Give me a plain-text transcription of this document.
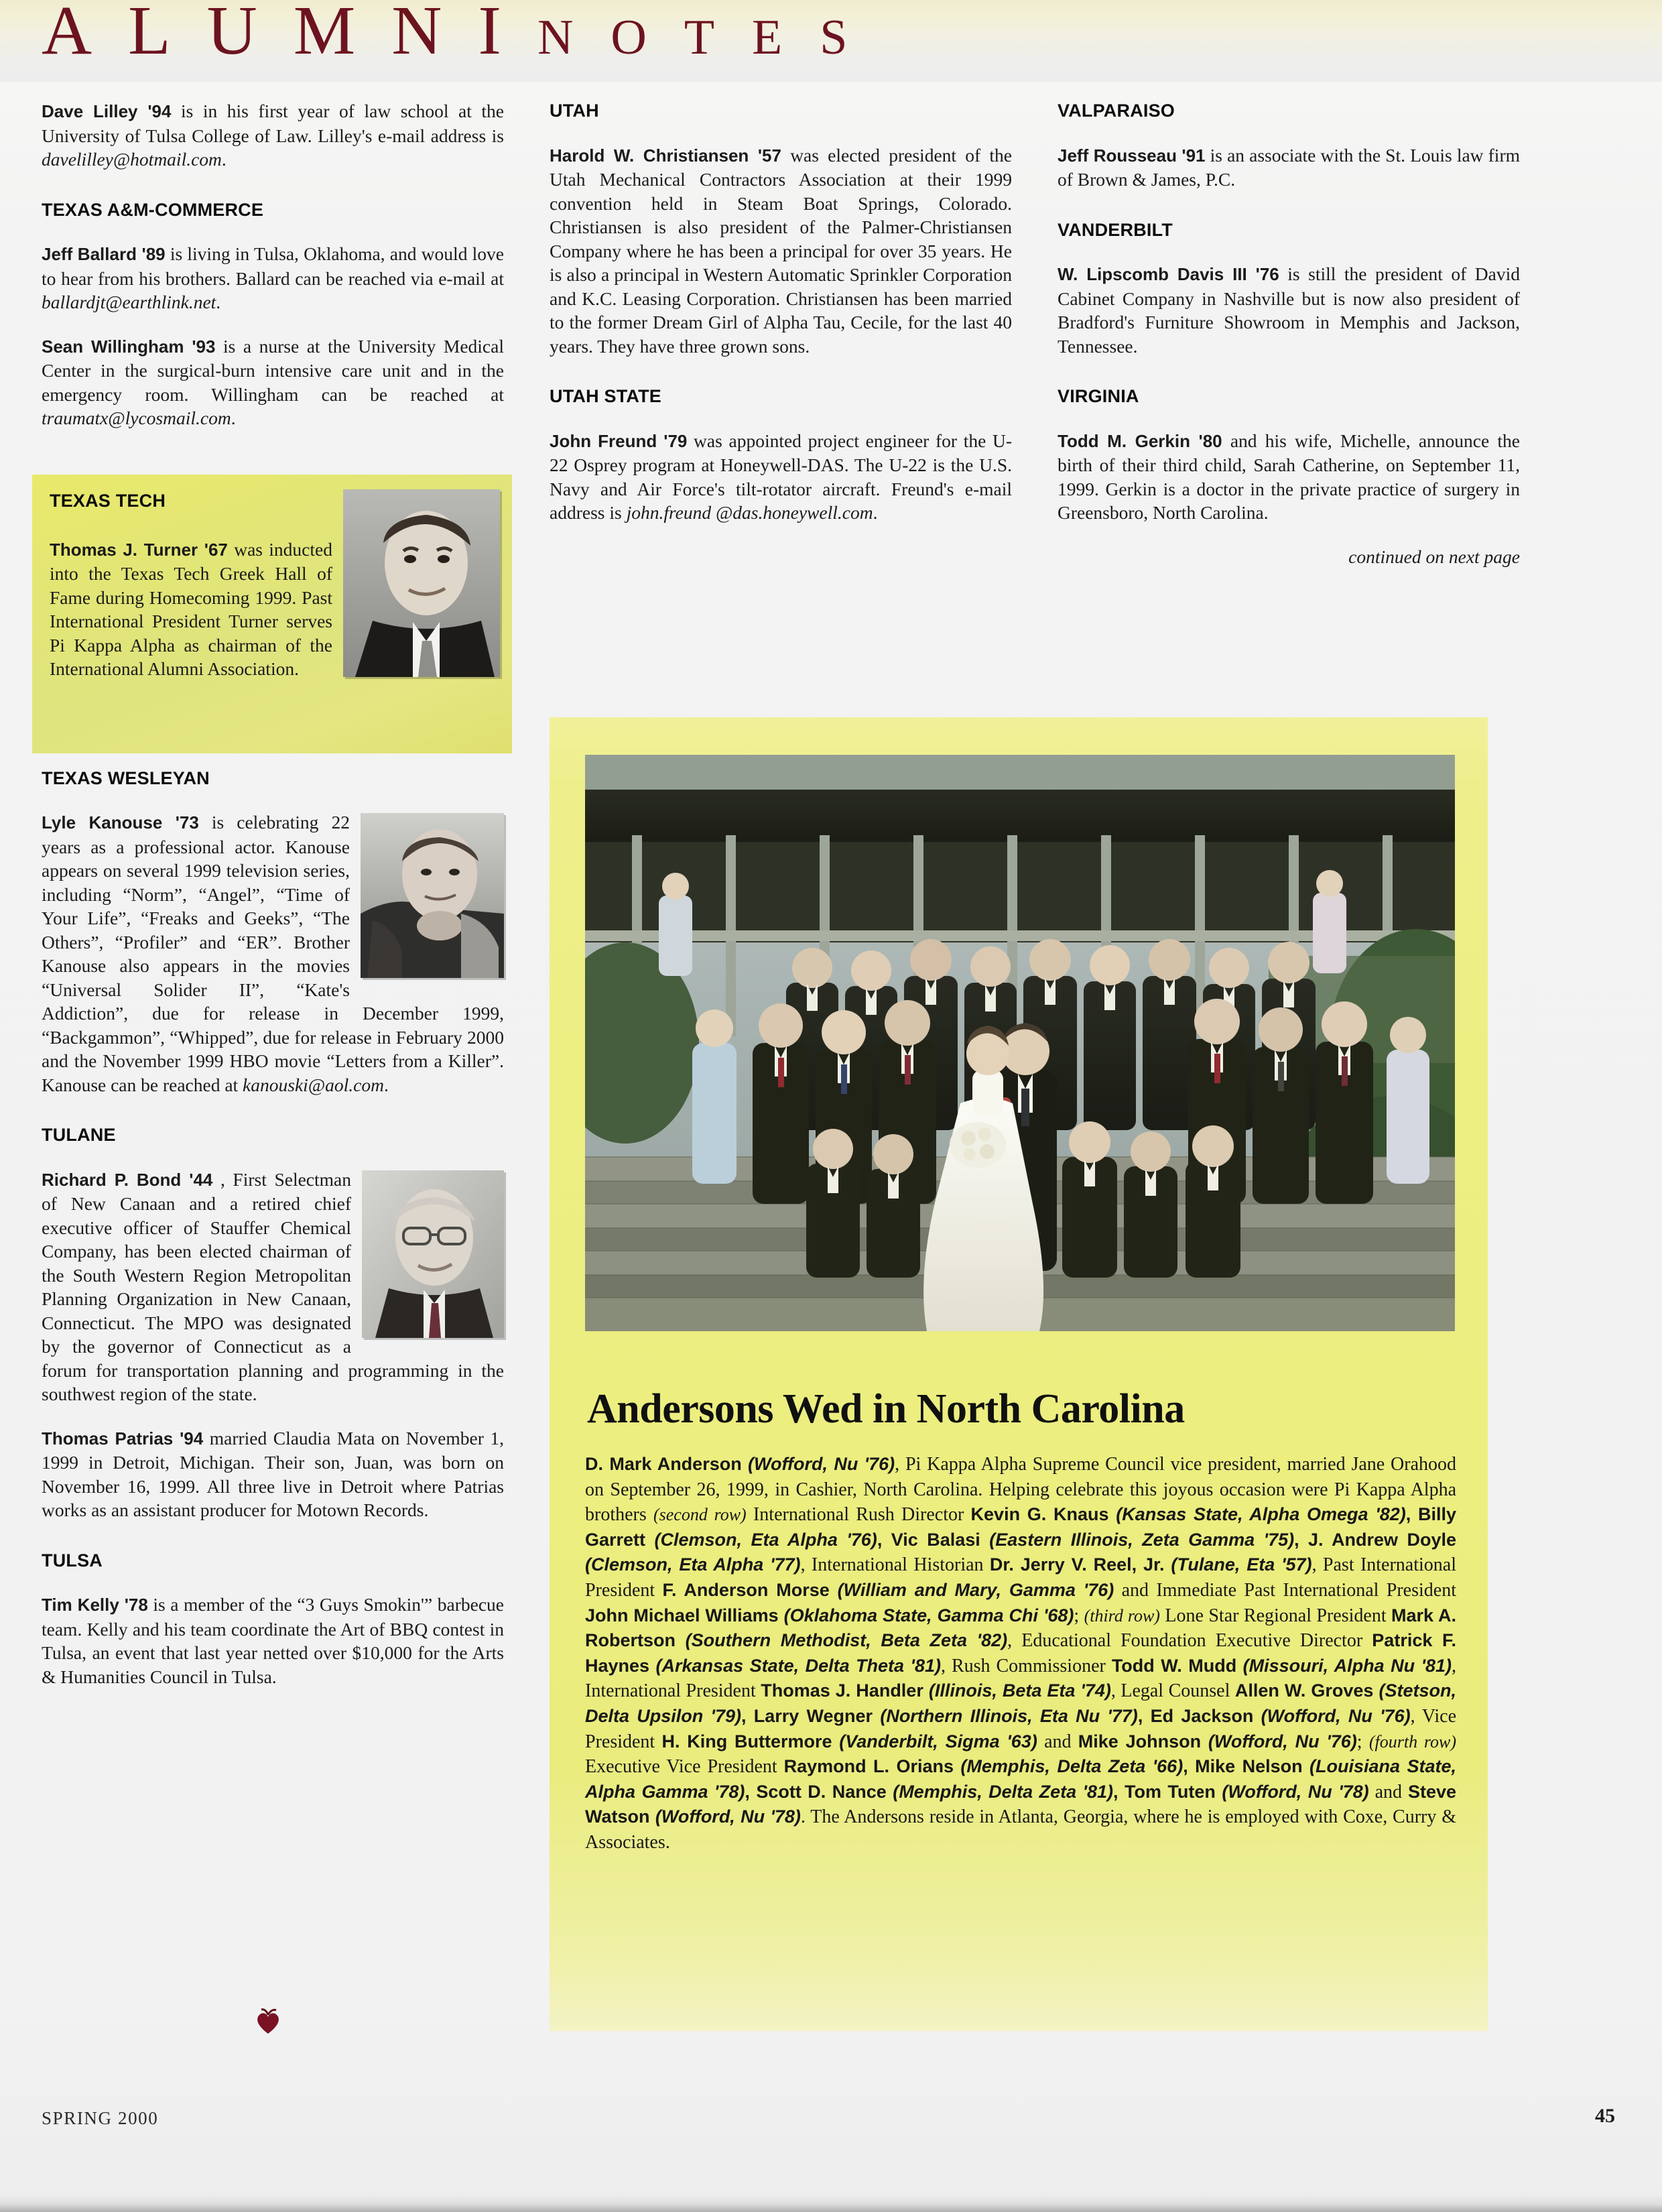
ALUMNI NOTES

Dave Lilley '94 is in his first year of law school at the University of Tulsa College of Law. Lilley's e-mail address is davelilley@hotmail.com.

TEXAS A&M-COMMERCE

Jeff Ballard '89 is living in Tulsa, Oklahoma, and would love to hear from his brothers. Ballard can be reached via e-mail at ballardjt@earthlink.net.

Sean Willingham '93 is a nurse at the University Medical Center in the surgical-burn intensive care unit and in the emergency room. Willingham can be reached at traumatx@lycosmail.com.

TEXAS WESLEYAN

Lyle Kanouse '73 is celebrating 22 years as a professional actor. Kanouse appears on several 1999 television series, including “Norm”, “Angel”, “Time of Your Life”, “Freaks and Geeks”, “The Others”, “Profiler” and “ER”. Brother Kanouse also appears in the movies “Universal Solider II”, “Kate's Addiction”, due for release in December 1999, “Backgammon”, “Whipped”, due for release in February 2000 and the November 1999 HBO movie “Letters from a Killer”. Kanouse can be reached at kanouski@aol.com.

TULANE

Richard P. Bond '44 , First Selectman of New Canaan and a retired chief executive officer of Stauffer Chemical Company, has been elected chairman of the South Western Region Metropolitan Planning Organization in New Canaan, Connecticut. The MPO was designated by the governor of Connecticut as a forum for transportation planning and programming in the southwest region of the state.

Thomas Patrias '94 married Claudia Mata on November 1, 1999 in Detroit, Michigan. Their son, Juan, was born on November 16, 1999. All three live in Detroit where Patrias works as an assistant producer for Motown Records.

TULSA

Tim Kelly '78 is a member of the “3 Guys Smokin'” barbecue team. Kelly and his team coordinate the Art of BBQ contest in Tulsa, an event that last year netted over $10,000 for the Arts & Humanities Council in Tulsa.

TEXAS TECH

Thomas J. Turner '67 was inducted into the Texas Tech Greek Hall of Fame during Homecoming 1999. Past International President Turner serves Pi Kappa Alpha as chairman of the International Alumni Association.

UTAH

Harold W. Christiansen '57 was elected president of the Utah Mechanical Contractors Association at their 1999 convention held in Steam Boat Springs, Colorado. Christiansen is also president of the Palmer-Christiansen Company where he has been a principal for over 35 years. He is also a principal in Western Automatic Sprinkler Corporation and K.C. Leasing Corporation. Christiansen has been married to the former Dream Girl of Alpha Tau, Cecile, for the last 40 years. They have three grown sons.

UTAH STATE

John Freund '79 was appointed project engineer for the U-22 Osprey program at Honeywell-DAS. The U-22 is the U.S. Navy and Air Force's tilt-rotator aircraft. Freund's e-mail address is john.freund @das.honeywell.com.

VALPARAISO

Jeff Rousseau '91 is an associate with the St. Louis law firm of Brown & James, P.C.

VANDERBILT

W. Lipscomb Davis III '76 is still the president of David Cabinet Company in Nashville but is now also president of Bradford's Furniture Showroom in Memphis and Jackson, Tennessee.

VIRGINIA

Todd M. Gerkin '80 and his wife, Michelle, announce the birth of their third child, Sarah Catherine, on September 11, 1999. Gerkin is a doctor in the private practice of surgery in Greensboro, North Carolina.

continued on next page
Andersons Wed in North Carolina
D. Mark Anderson (Wofford, Nu '76), Pi Kappa Alpha Supreme Council vice president, married Jane Orahood on September 26, 1999, in Cashier, North Carolina. Helping celebrate this joyous occasion were Pi Kappa Alpha brothers (second row) International Rush Director Kevin G. Knaus (Kansas State, Alpha Omega '82), Billy Garrett (Clemson, Eta Alpha '76), Vic Balasi (Eastern Illinois, Zeta Gamma '75), J. Andrew Doyle (Clemson, Eta Alpha '77), International Historian Dr. Jerry V. Reel, Jr. (Tulane, Eta '57), Past International President F. Anderson Morse (William and Mary, Gamma '76) and Immediate Past International President John Michael Williams (Oklahoma State, Gamma Chi '68); (third row) Lone Star Regional President Mark A. Robertson (Southern Methodist, Beta Zeta '82), Educational Foundation Executive Director Patrick F. Haynes (Arkansas State, Delta Theta '81), Rush Commissioner Todd W. Mudd (Missouri, Alpha Nu '81), International President Thomas J. Handler (Illinois, Beta Eta '74), Legal Counsel Allen W. Groves (Stetson, Delta Upsilon '79), Larry Wegner (Northern Illinois, Eta Nu '77), Ed Jackson (Wofford, Nu '76), Vice President H. King Buttermore (Vanderbilt, Sigma '63) and Mike Johnson (Wofford, Nu '76); (fourth row) Executive Vice President Raymond L. Orians (Memphis, Delta Zeta '66), Mike Nelson (Louisiana State, Alpha Gamma '78), Scott D. Nance (Memphis, Delta Zeta '81), Tom Tuten (Wofford, Nu '78) and Steve Watson (Wofford, Nu '78). The Andersons reside in Atlanta, Georgia, where he is employed with Coxe, Curry & Associates.
SPRING 2000	45
